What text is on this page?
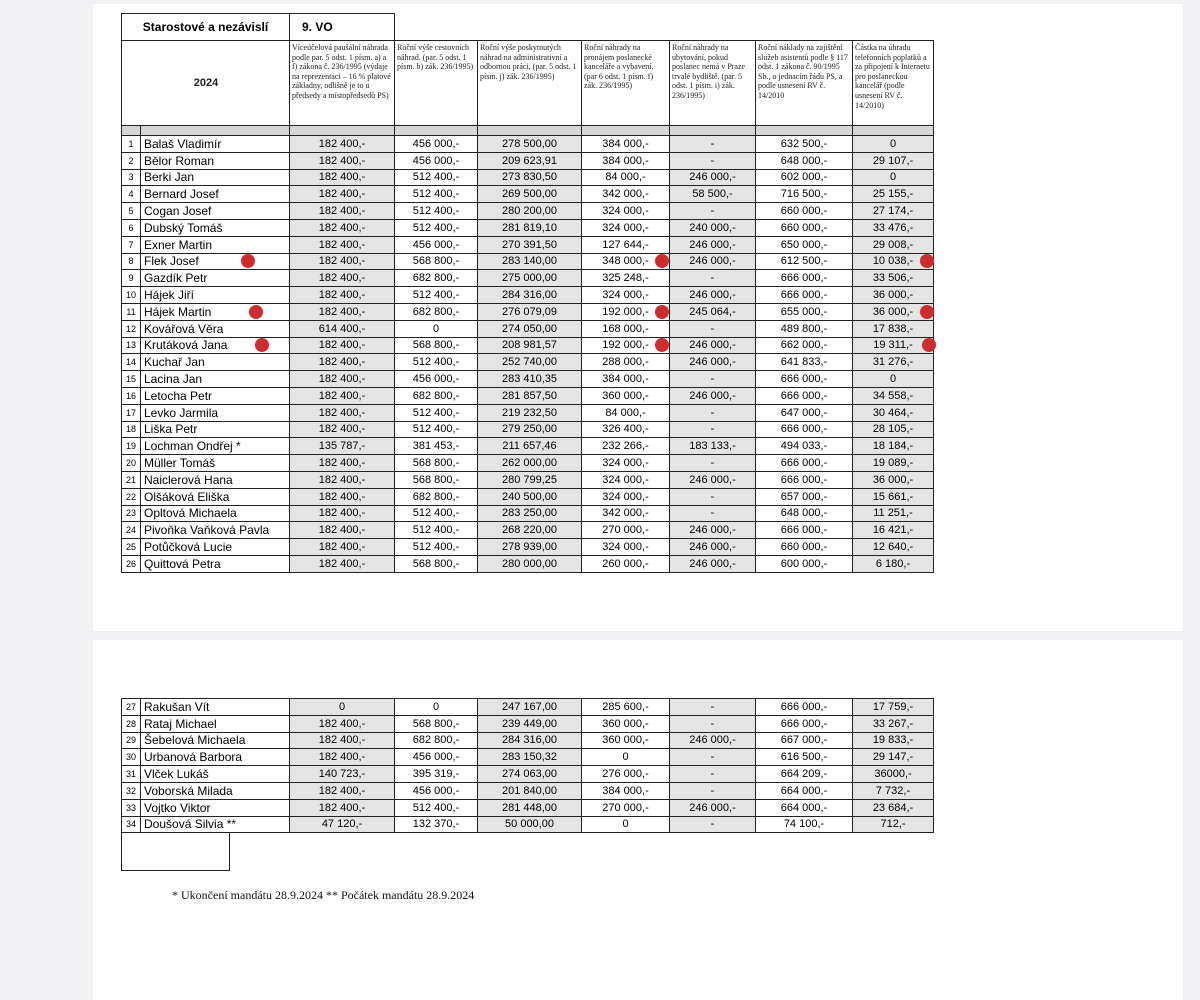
Starostové a nezávislí		9. VO						
2024		Víceúčelová paušální náhrada podle par. 5 odst. 1 písm. a) a f) zákona č. 236/1995 (výdaje na reprezentaci – 16 % platové základny, odlišně je to u předsedy a místopředsedů PS)	Roční výše cestovních náhrad. (par. 5 odst. 1 písm. b) zák. 236/1995)	Roční výše poskytnutých náhrad na administrativní a odbornou práci. (par. 5 odst. 1 písm. j) zák. 236/1995)	Roční náhrady na pronájem poslanecké kanceláře a vybavení. (par 6 odst. 1 písm. f) zák. 236/1995)	Roční náhrady na ubytování, pokud poslanec nemá v Praze trvalé bydliště. (par. 5 odst. 1 písm. i) zák. 236/1995)	Roční náklady na zajištění služeb asistentů podle § 117 odst. 1 zákona č. 90/1995 Sb., o jednacím řádu PS, a podle usnesení RV č. 14/2010	Částka na úhradu telefonních poplatků a za připojení k Internetu pro poslaneckou kancelář (podle usnesení RV č. 14/2010)

1	Balaš Vladimír	182 400,-	456 000,-	278 500,00	384 000,-	-	632 500,-	0
2	Bělor Roman	182 400,-	456 000,-	209 623,91	384 000,-	-	648 000,-	29 107,-
3	Berki Jan	182 400,-	512 400,-	273 830,50	84 000,-	246 000,-	602 000,-	0
4	Bernard Josef	182 400,-	512 400,-	269 500,00	342 000,-	58 500,-	716 500,-	25 155,-
5	Cogan Josef	182 400,-	512 400,-	280 200,00	324 000,-	-	660 000,-	27 174,-
6	Dubský Tomáš	182 400,-	512 400,-	281 819,10	324 000,-	240 000,-	660 000,-	33 476,-
7	Exner Martin	182 400,-	456 000,-	270 391,50	127 644,-	246 000,-	650 000,-	29 008,-
8	Flek Josef	182 400,-	568 800,-	283 140,00	348 000,-	246 000,-	612 500,-	10 038,-
9	Gazdík Petr	182 400,-	682 800,-	275 000,00	325 248,-	-	666 000,-	33 506,-
10	Hájek Jiří	182 400,-	512 400,-	284 316,00	324 000,-	246 000,-	666 000,-	36 000,-
11	Hájek Martin	182 400,-	682 800,-	276 079,09	192 000,-	245 064,-	655 000,-	36 000,-
12	Kovářová Věra	614 400,-	0	274 050,00	168 000,-	-	489 800,-	17 838,-
13	Krutáková Jana	182 400,-	568 800,-	208 981,57	192 000,-	246 000,-	662 000,-	19 311,-
14	Kuchař Jan	182 400,-	512 400,-	252 740,00	288 000,-	246 000,-	641 833,-	31 276,-
15	Lacina Jan	182 400,-	456 000,-	283 410,35	384 000,-	-	666 000,-	0
16	Letocha Petr	182 400,-	682 800,-	281 857,50	360 000,-	246 000,-	666 000,-	34 558,-
17	Levko Jarmila	182 400,-	512 400,-	219 232,50	84 000,-	-	647 000,-	30 464,-
18	Liška Petr	182 400,-	512 400,-	279 250,00	326 400,-	-	666 000,-	28 105,-
19	Lochman Ondřej *	135 787,-	381 453,-	211 657,46	232 266,-	183 133,-	494 033,-	18 184,-
20	Müller Tomáš	182 400,-	568 800,-	262 000,00	324 000,-	-	666 000,-	19 089,-
21	Naiclerová Hana	182 400,-	568 800,-	280 799,25	324 000,-	246 000,-	666 000,-	36 000,-
22	Olšáková Eliška	182 400,-	682 800,-	240 500,00	324 000,-	-	657 000,-	15 661,-
23	Opltová Michaela	182 400,-	512 400,-	283 250,00	342 000,-	-	648 000,-	11 251,-
24	Pivoňka Vaňková Pavla	182 400,-	512 400,-	268 220,00	270 000,-	246 000,-	666 000,-	16 421,-
25	Potůčková Lucie	182 400,-	512 400,-	278 939,00	324 000,-	246 000,-	660 000,-	12 640,-
26	Quittová Petra	182 400,-	568 800,-	280 000,00	260 000,-	246 000,-	600 000,-	6 180,-
27	Rakušan Vít	0	0	247 167,00	285 600,-	-	666 000,-	17 759,-
28	Rataj Michael	182 400,-	568 800,-	239 449,00	360 000,-	-	666 000,-	33 267,-
29	Šebelová Michaela	182 400,-	682 800,-	284 316,00	360 000,-	246 000,-	667 000,-	19 833,-
30	Urbanová Barbora	182 400,-	456 000,-	283 150,32	0	-	616 500,-	29 147,-
31	Vlček Lukáš	140 723,-	395 319,-	274 063,00	276 000,-	-	664 209,-	36000,-
32	Voborská Milada	182 400,-	456 000,-	201 840,00	384 000,-	-	664 000,-	7 732,-
33	Vojtko Viktor	182 400,-	512 400,-	281 448,00	270 000,-	246 000,-	664 000,-	23 684,-
34	Doušová Silvia **	47 120,-	132 370,-	50 000,00	0	-	74 100,-	712,-
* Ukončení mandátu 28.9.2024 ** Počátek mandátu 28.9.2024
